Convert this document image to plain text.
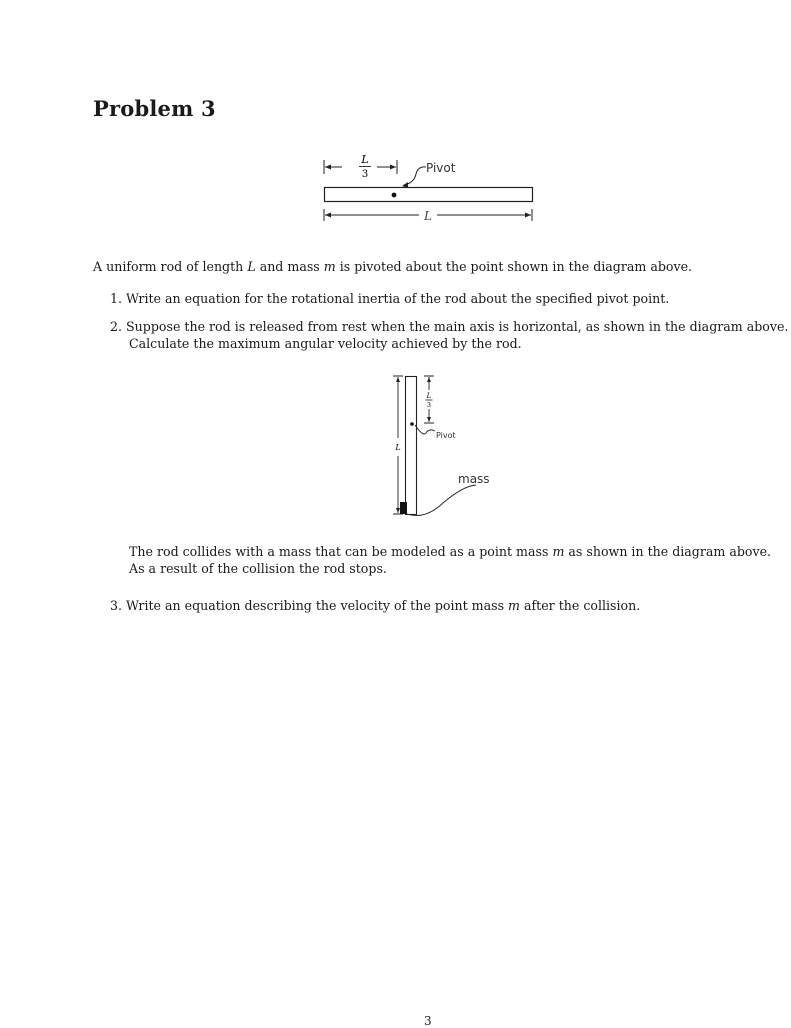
Problem 3
L
3	Pivot
L
A uniform rod of length L and mass m is pivoted about the point shown in the diagram above.
1. Write an equation for the rotational inertia of the rod about the specified pivot point.
2. Suppose the rod is released from rest when the main axis is horizontal, as shown in the diagram above.
Calculate the maximum angular velocity achieved by the rod.
L
L
3
Pivot
mass
The rod collides with a mass that can be modeled as a point mass m as shown in the diagram above.
As a result of the collision the rod stops.
3. Write an equation describing the velocity of the point mass m after the collision.
3
